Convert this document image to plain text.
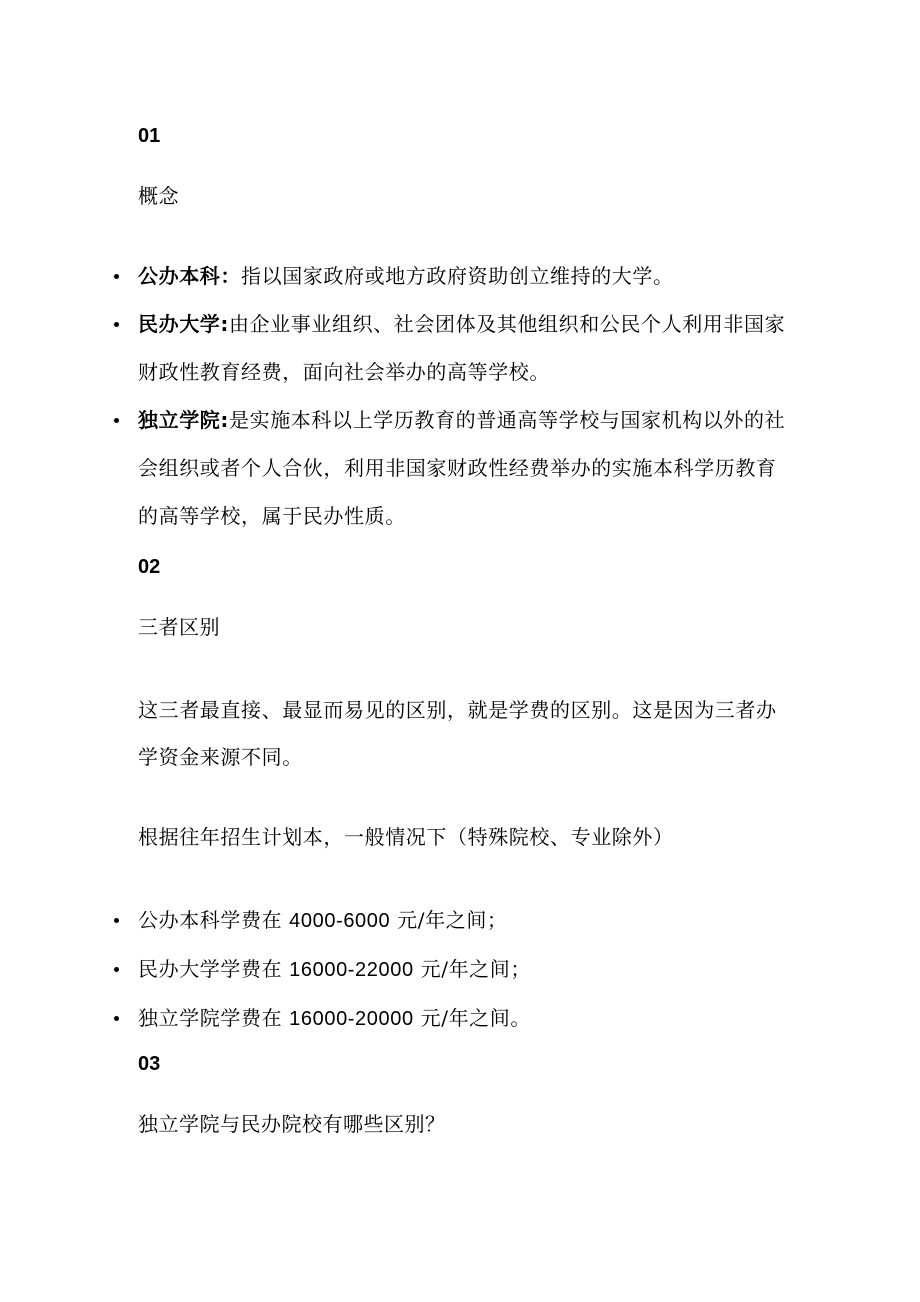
01
概念
公办本科：指以国家政府或地方政府资助创立维持的大学。
民办大学:由企业事业组织、社会团体及其他组织和公民个人利用非国家财政性教育经费，面向社会举办的高等学校。
独立学院:是实施本科以上学历教育的普通高等学校与国家机构以外的社会组织或者个人合伙，利用非国家财政性经费举办的实施本科学历教育的高等学校，属于民办性质。
02
三者区别

这三者最直接、最显而易见的区别，就是学费的区别。这是因为三者办学资金来源不同。

根据往年招生计划本，一般情况下（特殊院校、专业除外）

公办本科学费在 4000-6000 元/年之间；
民办大学学费在 16000-22000 元/年之间；
独立学院学费在 16000-20000 元/年之间。
03
独立学院与民办院校有哪些区别？
